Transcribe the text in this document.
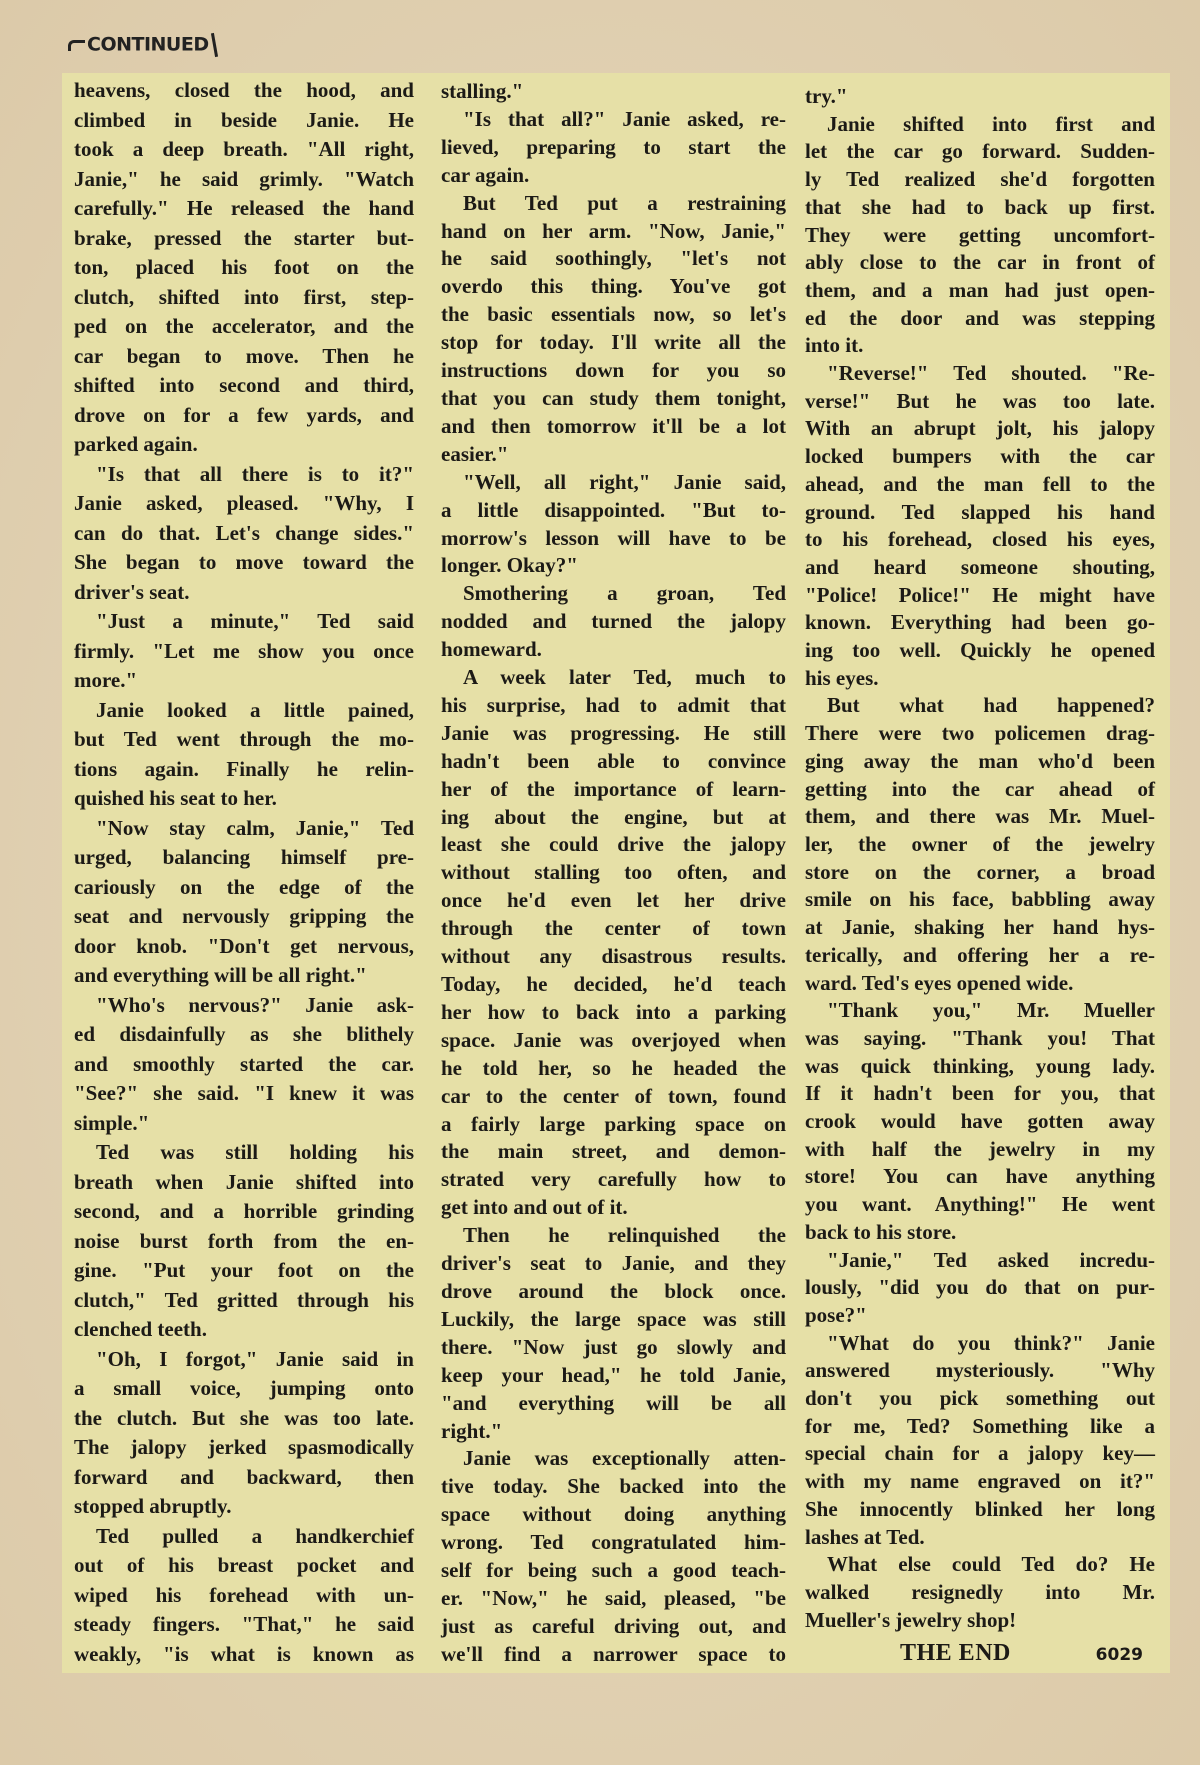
CONTINUED
heavens, closed the hood, and
climbed in beside Janie. He
took a deep breath. "All right,
Janie," he said grimly. "Watch
carefully." He released the hand
brake, pressed the starter but-
ton, placed his foot on the
clutch, shifted into first, step-
ped on the accelerator, and the
car began to move. Then he
shifted into second and third,
drove on for a few yards, and
parked again.
"Is that all there is to it?"
Janie asked, pleased. "Why, I
can do that. Let's change sides."
She began to move toward the
driver's seat.
"Just a minute," Ted said
firmly. "Let me show you once
more."
Janie looked a little pained,
but Ted went through the mo-
tions again. Finally he relin-
quished his seat to her.
"Now stay calm, Janie," Ted
urged, balancing himself pre-
cariously on the edge of the
seat and nervously gripping the
door knob. "Don't get nervous,
and everything will be all right."
"Who's nervous?" Janie ask-
ed disdainfully as she blithely
and smoothly started the car.
"See?" she said. "I knew it was
simple."
Ted was still holding his
breath when Janie shifted into
second, and a horrible grinding
noise burst forth from the en-
gine. "Put your foot on the
clutch," Ted gritted through his
clenched teeth.
"Oh, I forgot," Janie said in
a small voice, jumping onto
the clutch. But she was too late.
The jalopy jerked spasmodically
forward and backward, then
stopped abruptly.
Ted pulled a handkerchief
out of his breast pocket and
wiped his forehead with un-
steady fingers. "That," he said
weakly, "is what is known as
stalling."
"Is that all?" Janie asked, re-
lieved, preparing to start the
car again.
But Ted put a restraining
hand on her arm. "Now, Janie,"
he said soothingly, "let's not
overdo this thing. You've got
the basic essentials now, so let's
stop for today. I'll write all the
instructions down for you so
that you can study them tonight,
and then tomorrow it'll be a lot
easier."
"Well, all right," Janie said,
a little disappointed. "But to-
morrow's lesson will have to be
longer. Okay?"
Smothering a groan, Ted
nodded and turned the jalopy
homeward.
A week later Ted, much to
his surprise, had to admit that
Janie was progressing. He still
hadn't been able to convince
her of the importance of learn-
ing about the engine, but at
least she could drive the jalopy
without stalling too often, and
once he'd even let her drive
through the center of town
without any disastrous results.
Today, he decided, he'd teach
her how to back into a parking
space. Janie was overjoyed when
he told her, so he headed the
car to the center of town, found
a fairly large parking space on
the main street, and demon-
strated very carefully how to
get into and out of it.
Then he relinquished the
driver's seat to Janie, and they
drove around the block once.
Luckily, the large space was still
there. "Now just go slowly and
keep your head," he told Janie,
"and everything will be all
right."
Janie was exceptionally atten-
tive today. She backed into the
space without doing anything
wrong. Ted congratulated him-
self for being such a good teach-
er. "Now," he said, pleased, "be
just as careful driving out, and
we'll find a narrower space to
try."
Janie shifted into first and
let the car go forward. Sudden-
ly Ted realized she'd forgotten
that she had to back up first.
They were getting uncomfort-
ably close to the car in front of
them, and a man had just open-
ed the door and was stepping
into it.
"Reverse!" Ted shouted. "Re-
verse!" But he was too late.
With an abrupt jolt, his jalopy
locked bumpers with the car
ahead, and the man fell to the
ground. Ted slapped his hand
to his forehead, closed his eyes,
and heard someone shouting,
"Police! Police!" He might have
known. Everything had been go-
ing too well. Quickly he opened
his eyes.
But what had happened?
There were two policemen drag-
ging away the man who'd been
getting into the car ahead of
them, and there was Mr. Muel-
ler, the owner of the jewelry
store on the corner, a broad
smile on his face, babbling away
at Janie, shaking her hand hys-
terically, and offering her a re-
ward. Ted's eyes opened wide.
"Thank you," Mr. Mueller
was saying. "Thank you! That
was quick thinking, young lady.
If it hadn't been for you, that
crook would have gotten away
with half the jewelry in my
store! You can have anything
you want. Anything!" He went
back to his store.
"Janie," Ted asked incredu-
lously, "did you do that on pur-
pose?"
"What do you think?" Janie
answered mysteriously. "Why
don't you pick something out
for me, Ted? Something like a
special chain for a jalopy key—
with my name engraved on it?"
She innocently blinked her long
lashes at Ted.
What else could Ted do? He
walked resignedly into Mr.
Mueller's jewelry shop!
THE END	6029
